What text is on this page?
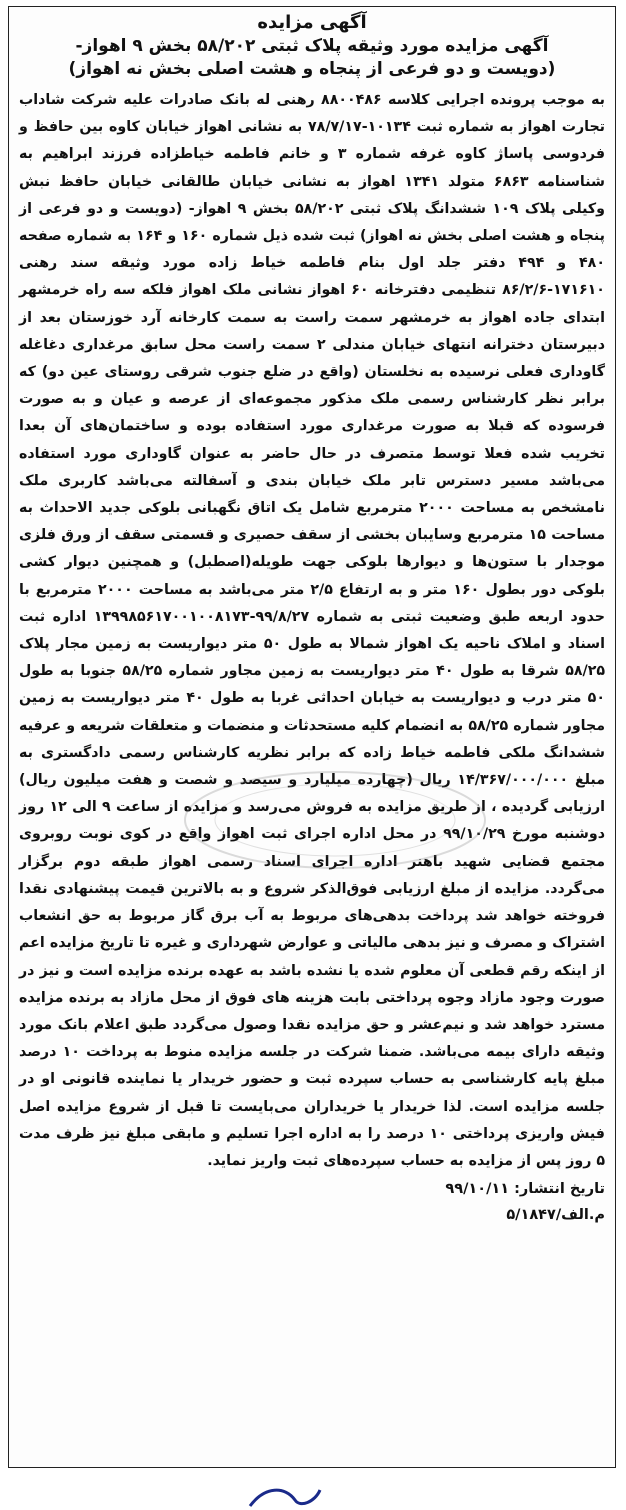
آگهی مزایده

آگهی مزایده مورد وثیقه پلاک ثبتی ۵۸/۲۰۲ بخش ۹ اهواز-

(دویست و دو فرعی از پنجاه و هشت اصلی بخش نه اهواز)

به موجب پرونده اجرایی کلاسه ۸۸۰۰۴۸۶ رهنی له بانک صادرات علیه شرکت شاداب تجارت اهواز به شماره ثبت ۱۰۱۳۴-۷۸/۷/۱۷ به نشانی اهواز خیابان کاوه بین حافظ و فردوسی پاساژ کاوه غرفه شماره ۳ و خانم فاطمه خیاطزاده فرزند ابراهیم به شناسنامه ۶۸۶۳ متولد ۱۳۴۱ اهواز به نشانی خیابان طالقانی خیابان حافظ نبش وکیلی پلاک ۱۰۹ ششدانگ پلاک ثبتی ۵۸/۲۰۲ بخش ۹ اهواز- (دویست و دو فرعی از پنجاه و هشت اصلی بخش نه اهواز) ثبت شده ذیل شماره ۱۶۰ و ۱۶۴ به شماره صفحه ۴۸۰ و ۴۹۴ دفتر جلد اول بنام فاطمه خیاط زاده مورد وثیقه سند رهنی ۱۷۱۶۱۰-۸۶/۲/۶ تنظیمی دفترخانه ۶۰ اهواز نشانی ملک اهواز فلکه سه راه خرمشهر ابتدای جاده اهواز به خرمشهر سمت راست به سمت کارخانه آرد خوزستان بعد از دبیرستان دخترانه انتهای خیابان مندلی ۲ سمت راست محل سابق مرغداری دغاغله گاوداری فعلی نرسیده به نخلستان (واقع در ضلع جنوب شرقی روستای عین دو) که برابر نظر کارشناس رسمی ملک مذکور مجموعه‌ای از عرصه و عیان و به صورت فرسوده که قبلا به صورت مرغداری مورد استفاده بوده و ساختمان‌های آن بعدا تخریب شده فعلا توسط متصرف در حال حاضر به عنوان گاوداری مورد استفاده می‌باشد مسیر دسترس تابر ملک خیابان بندی و آسفالته می‌باشد کاربری ملک نامشخص به مساحت ۲۰۰۰ مترمربع شامل یک اتاق نگهبانی بلوکی جدید الاحداث به مساحت ۱۵ مترمربع وسایبان بخشی از سقف حصیری و قسمتی سقف از ورق فلزی موجدار با ستون‌ها و دیوارها بلوکی جهت طویله(اصطبل) و همچنین دیوار کشی بلوکی دور بطول ۱۶۰ متر و به ارتفاع ۲/۵ متر می‌باشد به مساحت ۲۰۰۰ مترمربع با حدود اربعه طبق وضعیت ثبتی به شماره ۹۹/۸/۲۷-۱۳۹۹۸۵۶۱۷۰۰۱۰۰۸۱۷۳ اداره ثبت اسناد و املاک ناحیه یک اهواز شمالا به طول ۵۰ متر دیواریست به زمین مجار پلاک ۵۸/۲۵ شرقا به طول ۴۰ متر دیواریست به زمین مجاور شماره ۵۸/۲۵ جنوبا به طول ۵۰ متر درب و دیواریست به خیابان احداثی غربا به طول ۴۰ متر دیواریست به زمین مجاور شماره ۵۸/۲۵ به انضمام کلیه مستحدثات و منضمات و متعلقات شریعه و عرفیه ششدانگ ملکی فاطمه خیاط زاده که برابر نظریه کارشناس رسمی دادگستری به مبلغ ۱۴/۳۶۷/۰۰۰/۰۰۰ ریال (چهارده میلیارد و سیصد و شصت و هفت میلیون ریال) ارزیابی گردیده ، از طریق مزایده به فروش می‌رسد و مزایده از ساعت ۹ الی ۱۲ روز دوشنبه مورخ ۹۹/۱۰/۲۹ در محل اداره اجرای ثبت اهواز واقع در کوی نوبت روبروی مجتمع قضایی شهید باهنر اداره اجرای اسناد رسمی اهواز طبقه دوم برگزار می‌گردد. مزایده از مبلغ ارزیابی فوق‌الذکر شروع و به بالاترین قیمت پیشنهادی نقدا فروخته خواهد شد پرداخت بدهی‌های مربوط به آب برق گاز مربوط به حق انشعاب اشتراک و مصرف و نیز بدهی مالیاتی و عوارض شهرداری و غیره تا تاریخ مزایده اعم از اینکه رقم قطعی آن معلوم شده یا نشده باشد به عهده برنده مزایده است و نیز در صورت وجود مازاد وجوه پرداختی بابت هزینه های فوق از محل مازاد به برنده مزایده مسترد خواهد شد و نیم‌عشر و حق مزایده نقدا وصول می‌گردد طبق اعلام بانک مورد وثیقه دارای بیمه می‌باشد. ضمنا شرکت در جلسه مزایده منوط به پرداخت ۱۰ درصد مبلغ پایه کارشناسی به حساب سپرده ثبت و حضور خریدار یا نماینده قانونی او در جلسه مزایده است. لذا خریدار یا خریداران می‌بایست تا قبل از شروع مزایده اصل فیش واریزی پرداختی ۱۰ درصد را به اداره اجرا تسلیم و مابقی مبلغ نیز ظرف مدت ۵ روز پس از مزایده به حساب سپرده‌های ثبت واریز نماید.

تاریخ انتشار: ۹۹/۱۰/۱۱

م.الف/۵/۱۸۴۷
